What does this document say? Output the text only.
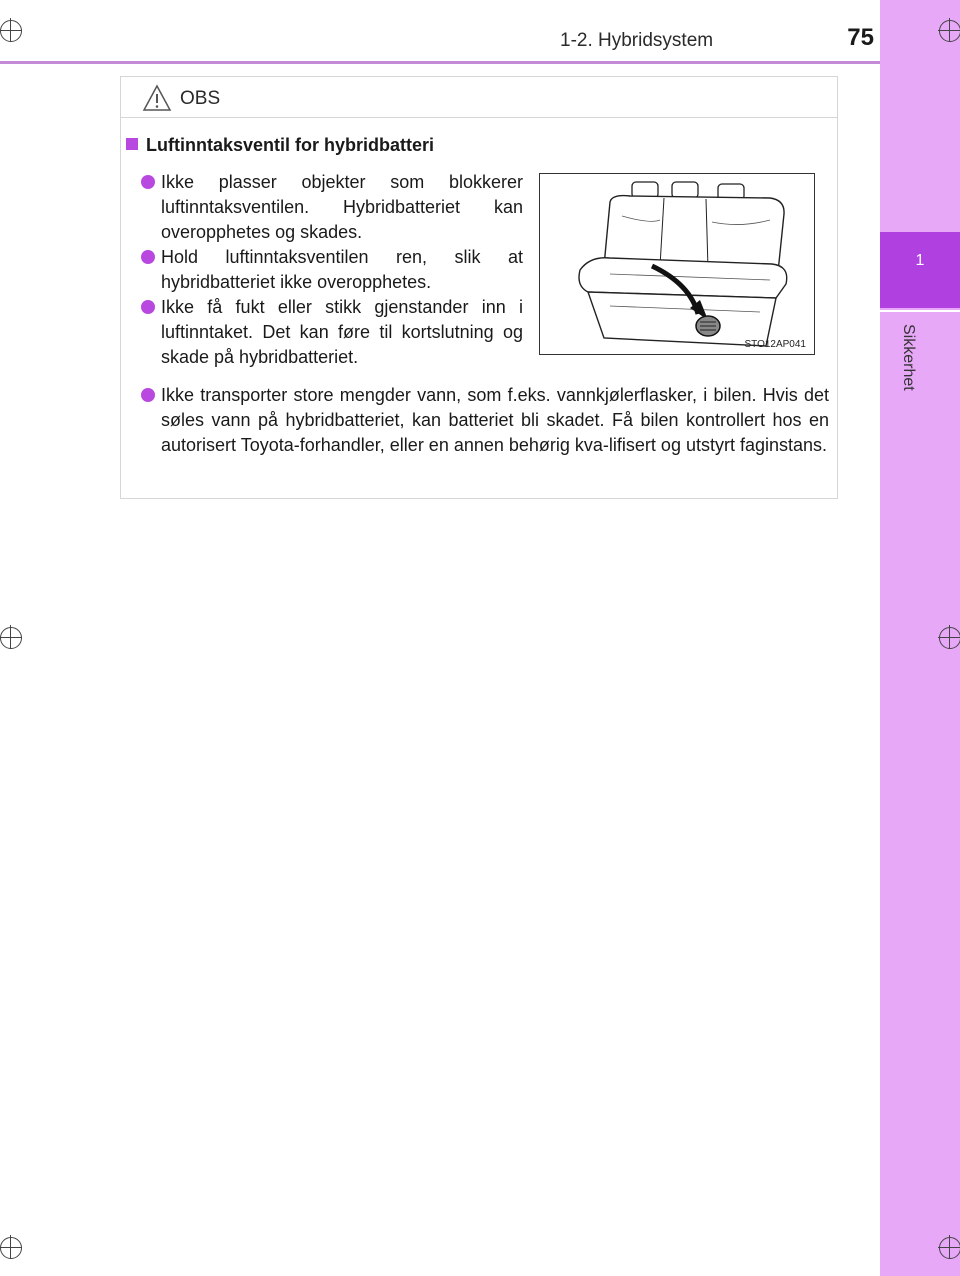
1
Sikkerhet
1-2. Hybridsystem	75
OBS
Luftinntaksventil for hybridbatteri
Ikke plasser objekter som blokkerer luftinntaksventilen. Hybridbatteriet kan overopphetes og skades.
Hold luftinntaksventilen ren, slik at hybridbatteriet ikke overopphetes.
Ikke få fukt eller stikk gjenstander inn i luftinntaket. Det kan føre til kortslutning og skade på hybridbatteriet.
Ikke transporter store mengder vann, som f.eks. vannkjølerflasker, i bilen. Hvis det søles vann på hybridbatteriet, kan batteriet bli skadet. Få bilen kontrollert hos en autorisert Toyota-forhandler, eller en annen behørig kva-lifisert og utstyrt faginstans.
STO12AP041
